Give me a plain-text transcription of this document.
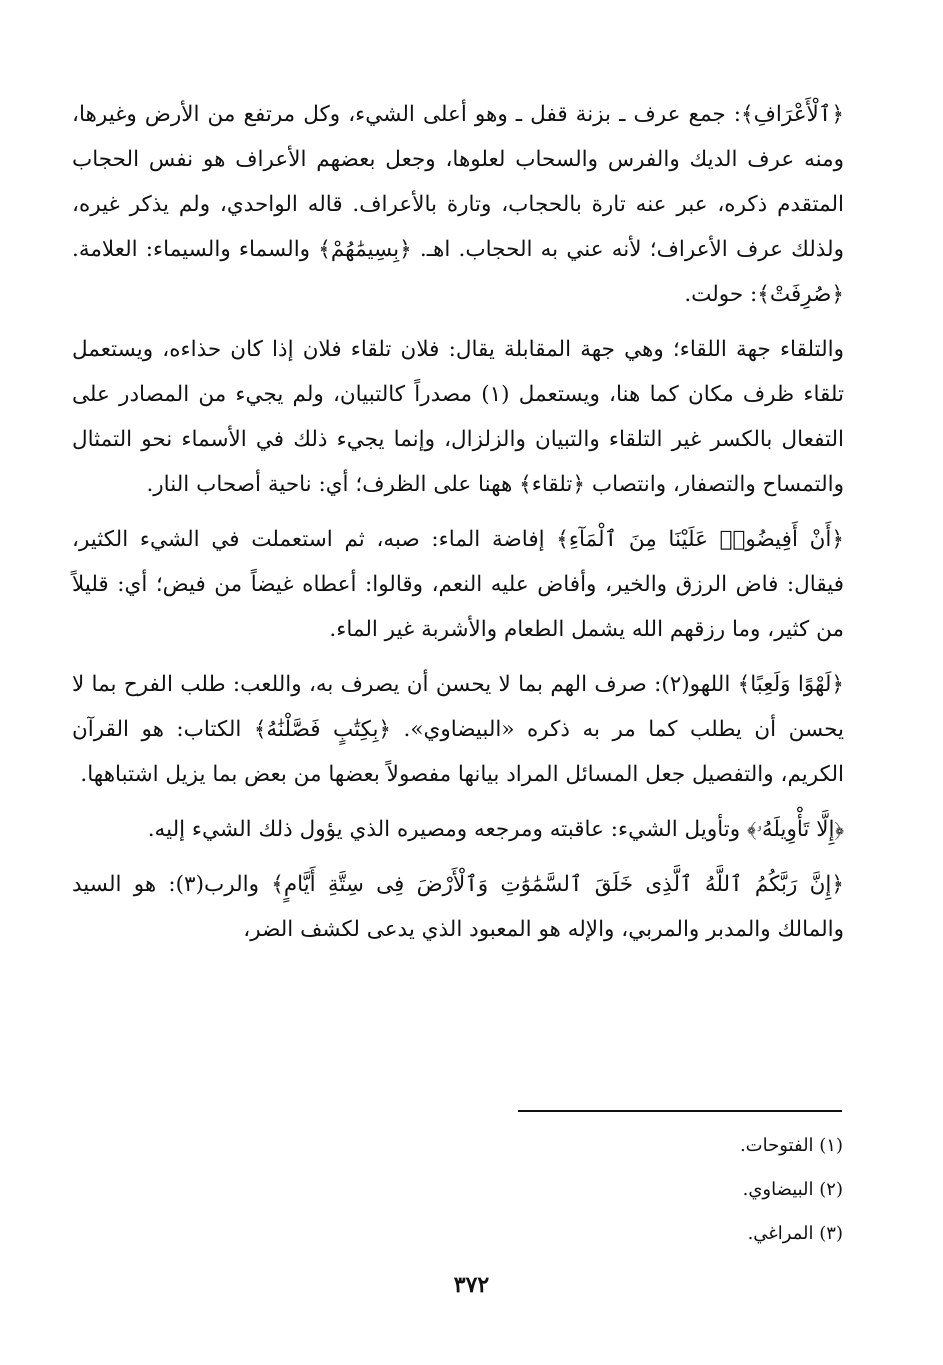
﴿ٱلْأَعْرَافِ﴾: جمع عرف ـ بزنة قفل ـ وهو أعلى الشيء، وكل مرتفع من الأرض وغيرها، ومنه عرف الديك والفرس والسحاب لعلوها، وجعل بعضهم الأعراف هو نفس الحجاب المتقدم ذكره، عبر عنه تارة بالحجاب، وتارة بالأعراف. قاله الواحدي، ولم يذكر غيره، ولذلك عرف الأعراف؛ لأنه عني به الحجاب. اهـ. ﴿بِسِيمَٰهُمْ﴾ والسماء والسيماء: العلامة. ﴿صُرِفَتْ﴾: حولت.

والتلقاء جهة اللقاء؛ وهي جهة المقابلة يقال: فلان تلقاء فلان إذا كان حذاءه، ويستعمل تلقاء ظرف مكان كما هنا، ويستعمل (١) مصدراً كالتبيان، ولم يجيء من المصادر على التفعال بالكسر غير التلقاء والتبيان والزلزال، وإنما يجيء ذلك في الأسماء نحو التمثال والتمساح والتصفار، وانتصاب ﴿تلقاء﴾ ههنا على الظرف؛ أي: ناحية أصحاب النار.

﴿أَنْ أَفِيضُوا۟ عَلَيْنَا مِنَ ٱلْمَآءِ﴾ إفاضة الماء: صبه، ثم استعملت في الشيء الكثير، فيقال: فاض الرزق والخير، وأفاض عليه النعم، وقالوا: أعطاه غيضاً من فيض؛ أي: قليلاً من كثير، وما رزقهم الله يشمل الطعام والأشربة غير الماء.

﴿لَهْوًا وَلَعِبًا﴾ اللهو(٢): صرف الهم بما لا يحسن أن يصرف به، واللعب: طلب الفرح بما لا يحسن أن يطلب كما مر به ذكره «البيضاوي». ﴿بِكِتَٰبٍ فَصَّلْنَٰهُ﴾ الكتاب: هو القرآن الكريم، والتفصيل جعل المسائل المراد بيانها مفصولاً بعضها من بعض بما يزيل اشتباهها.

﴿إِلَّا تَأْوِيلَهُۥ﴾ وتأويل الشيء: عاقبته ومرجعه ومصيره الذي يؤول ذلك الشيء إليه.

﴿إِنَّ رَبَّكُمُ ٱللَّهُ ٱلَّذِى خَلَقَ ٱلسَّمَٰوَٰتِ وَٱلْأَرْضَ فِى سِتَّةِ أَيَّامٍ﴾ والرب(٣): هو السيد والمالك والمدبر والمربي، والإله هو المعبود الذي يدعى لكشف الضر،

(١) الفتوحات.
(٢) البيضاوي.
(٣) المراغي.
٣٧٢
